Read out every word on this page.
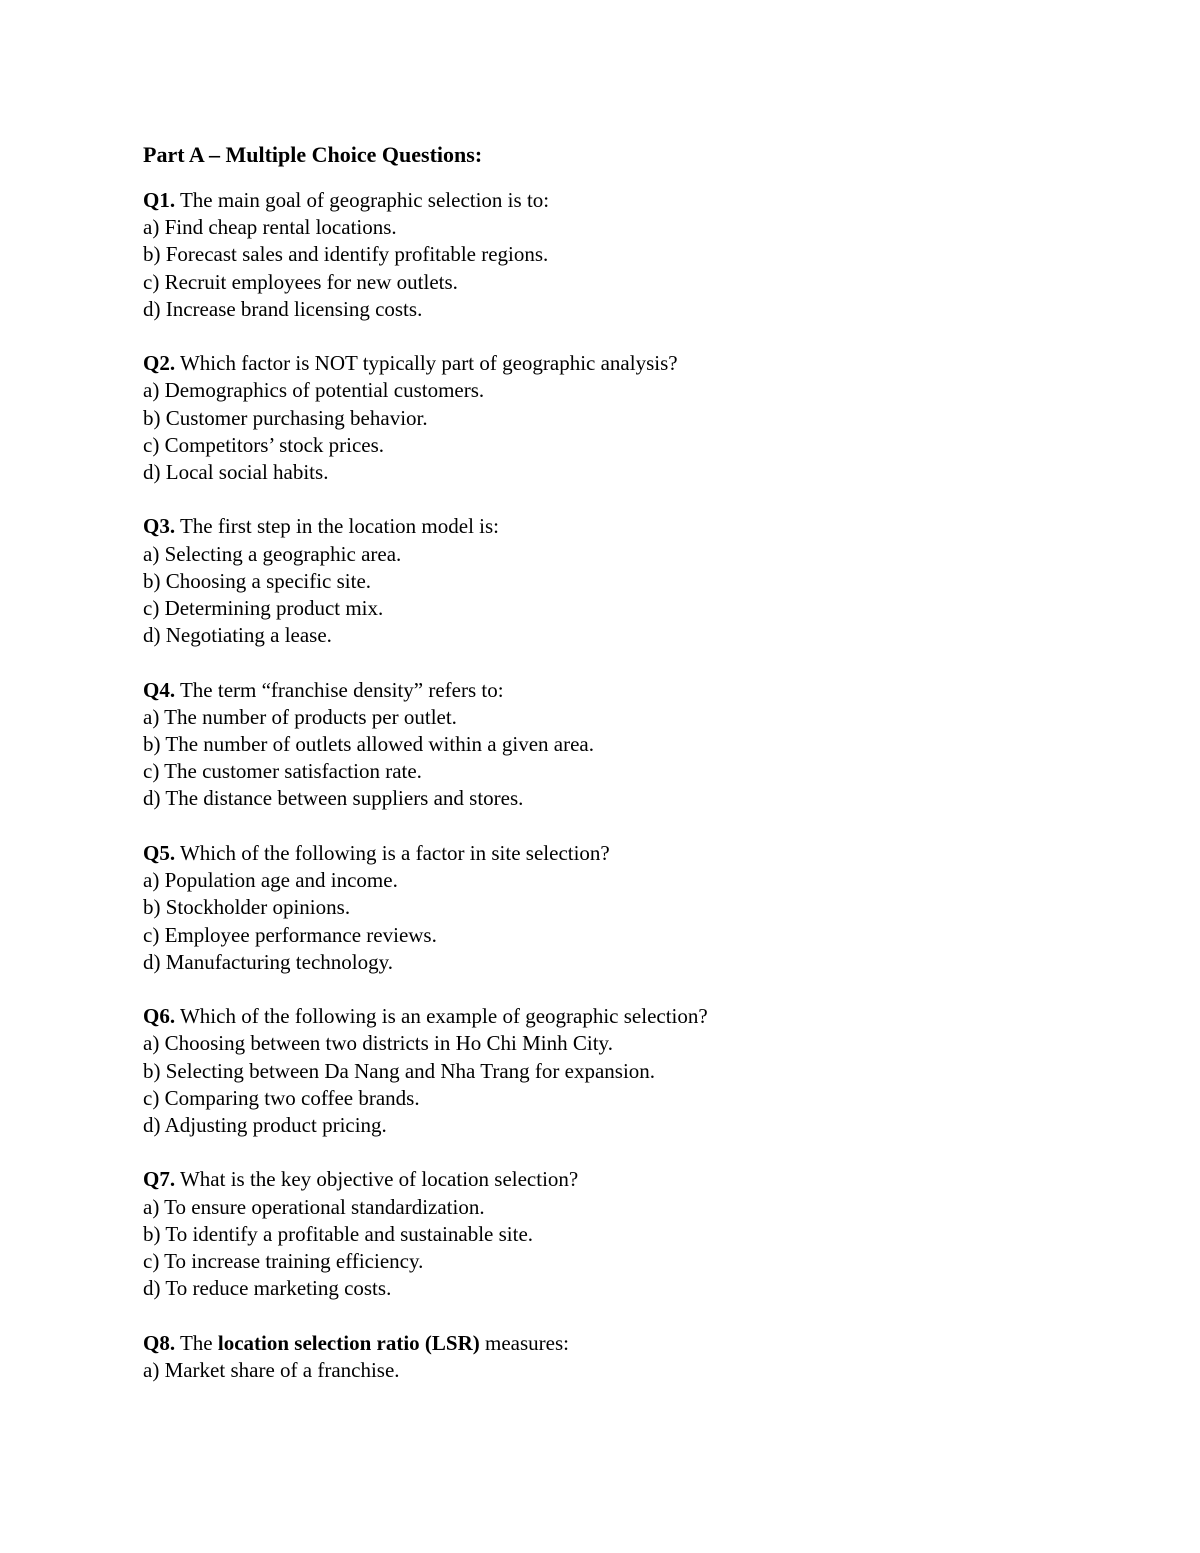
Part A – Multiple Choice Questions:
Q1. The main goal of geographic selection is to:
a) Find cheap rental locations.
b) Forecast sales and identify profitable regions.
c) Recruit employees for new outlets.
d) Increase brand licensing costs.
Q2. Which factor is NOT typically part of geographic analysis?
a) Demographics of potential customers.
b) Customer purchasing behavior.
c) Competitors’ stock prices.
d) Local social habits.
Q3. The first step in the location model is:
a) Selecting a geographic area.
b) Choosing a specific site.
c) Determining product mix.
d) Negotiating a lease.
Q4. The term “franchise density” refers to:
a) The number of products per outlet.
b) The number of outlets allowed within a given area.
c) The customer satisfaction rate.
d) The distance between suppliers and stores.
Q5. Which of the following is a factor in site selection?
a) Population age and income.
b) Stockholder opinions.
c) Employee performance reviews.
d) Manufacturing technology.
Q6. Which of the following is an example of geographic selection?
a) Choosing between two districts in Ho Chi Minh City.
b) Selecting between Da Nang and Nha Trang for expansion.
c) Comparing two coffee brands.
d) Adjusting product pricing.
Q7. What is the key objective of location selection?
a) To ensure operational standardization.
b) To identify a profitable and sustainable site.
c) To increase training efficiency.
d) To reduce marketing costs.
Q8. The location selection ratio (LSR) measures:
a) Market share of a franchise.
